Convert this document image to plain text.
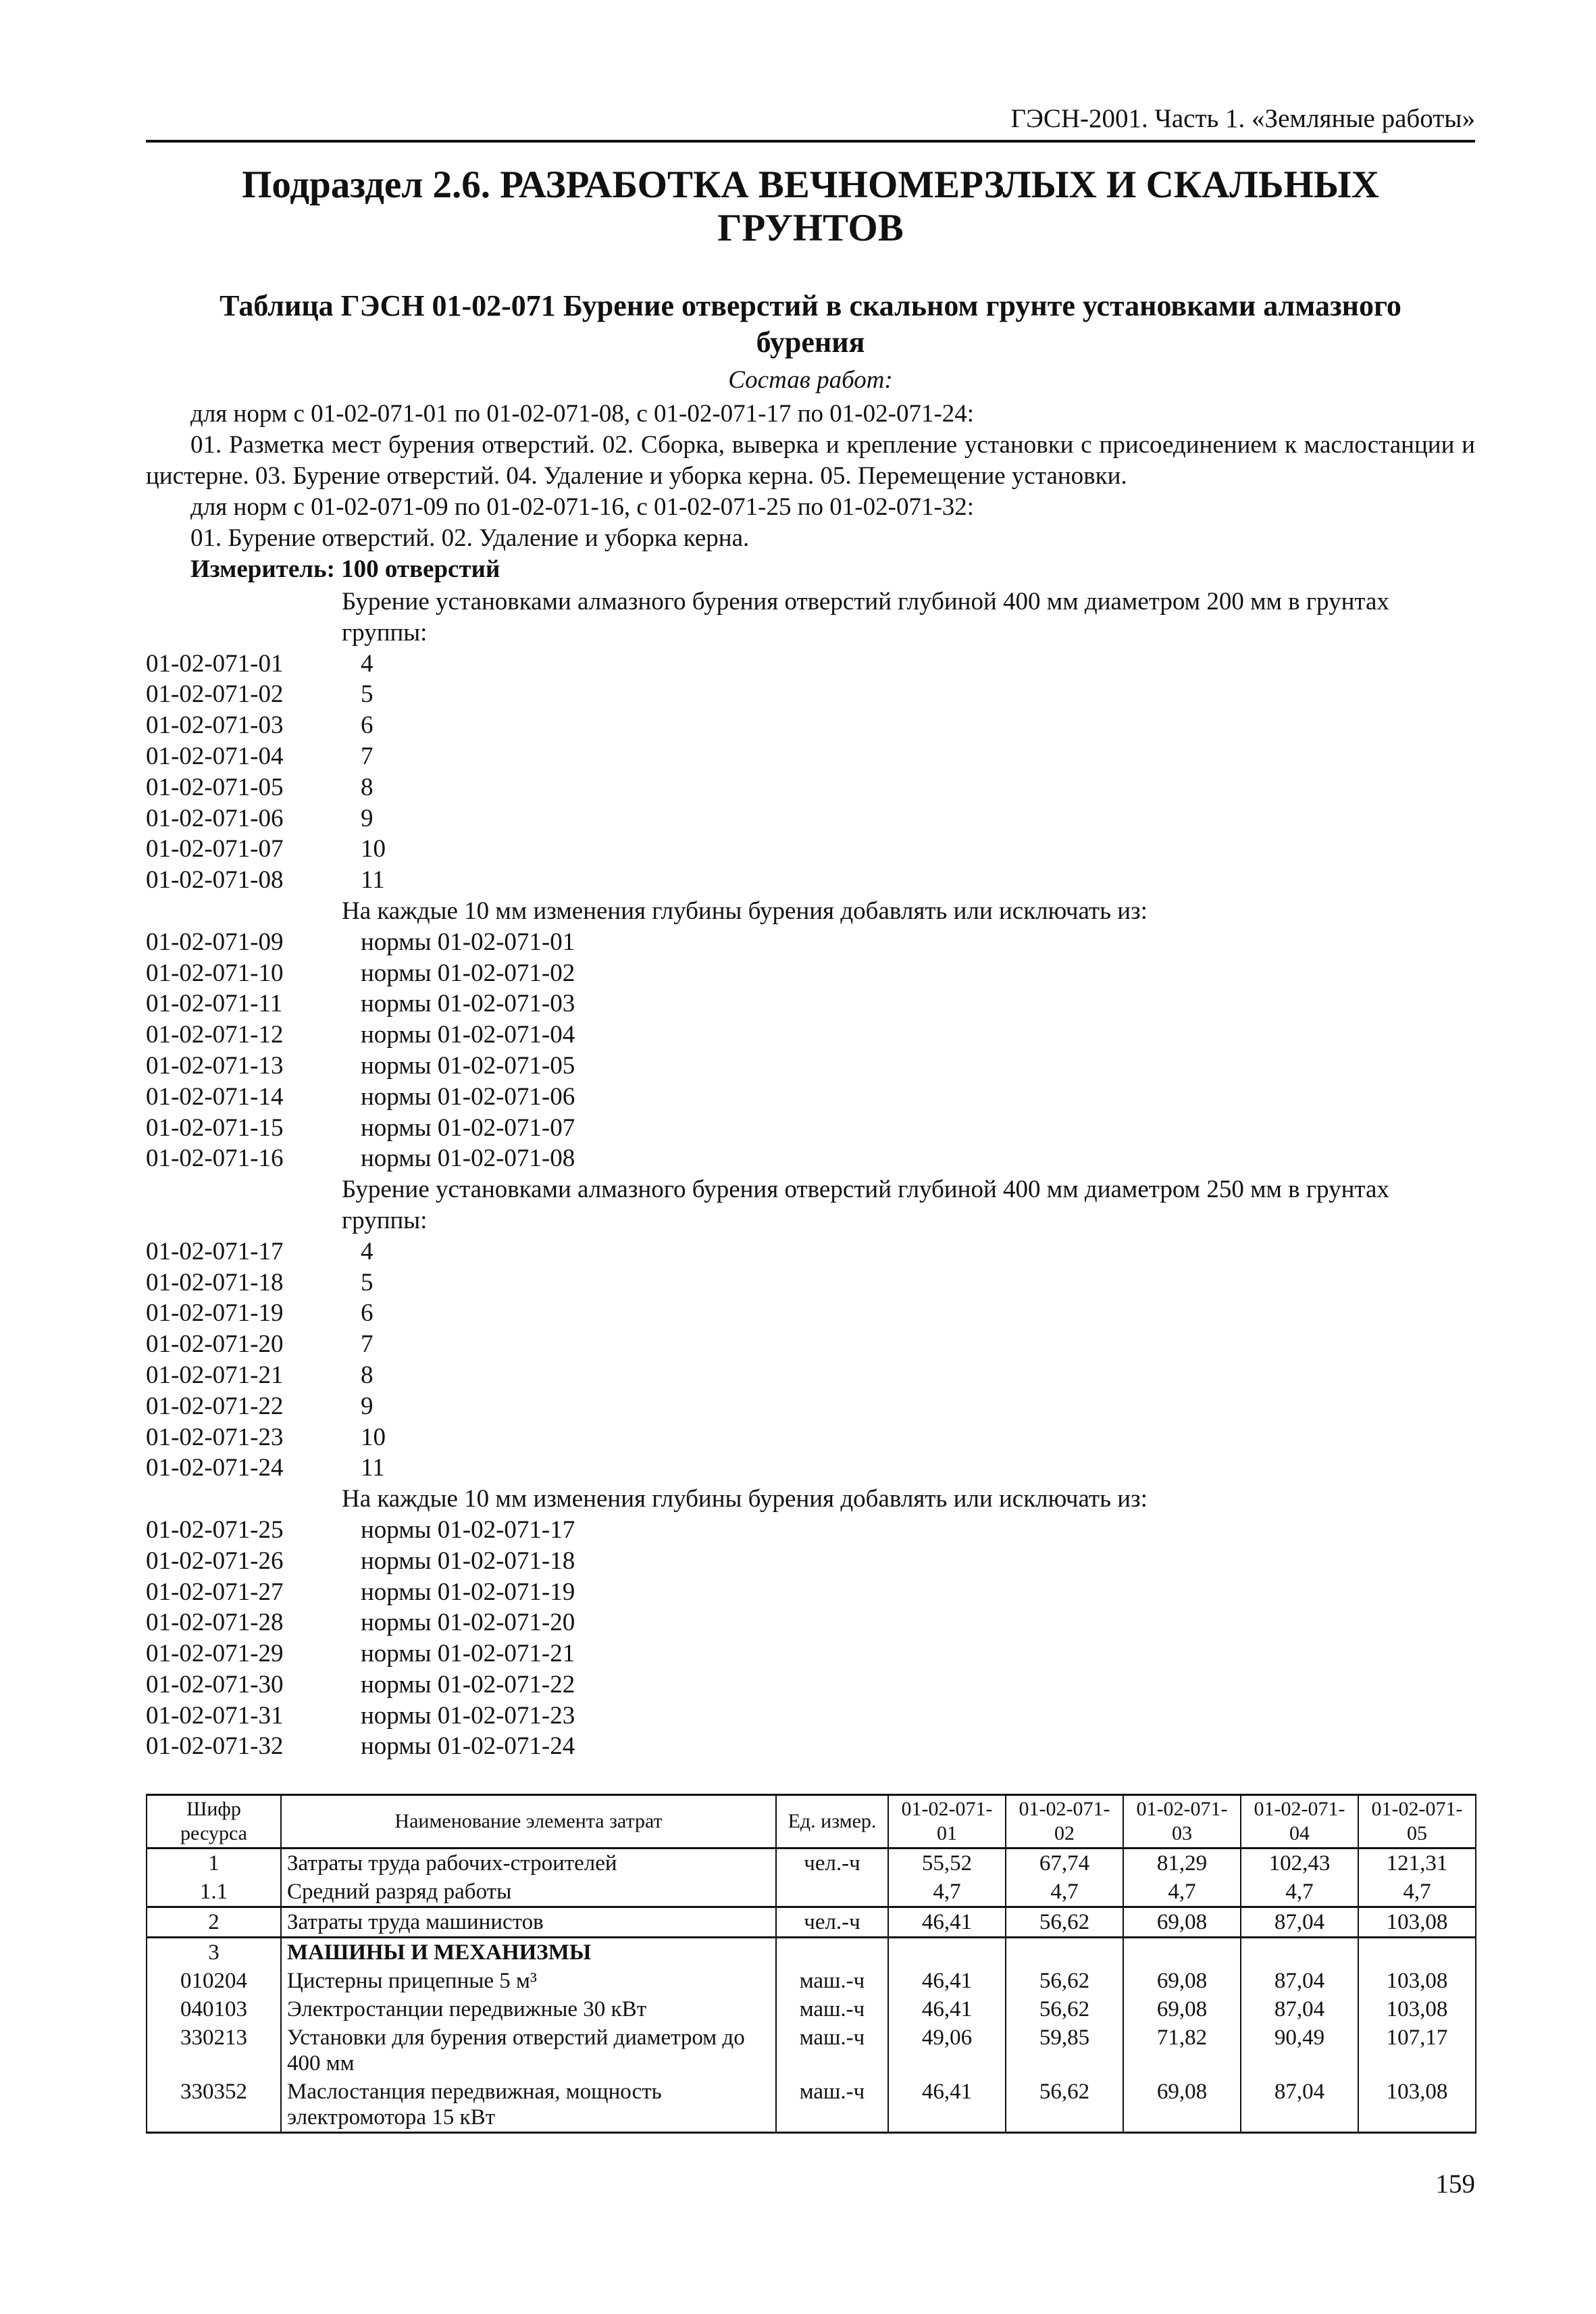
ГЭСН-2001. Часть 1. «Земляные работы»
Подраздел 2.6. РАЗРАБОТКА ВЕЧНОМЕРЗЛЫХ И СКАЛЬНЫХ
ГРУНТОВ
Таблица ГЭСН 01-02-071 Бурение отверстий в скальном грунте установками алмазного
бурения
Состав работ:

для норм с 01-02-071-01 по 01-02-071-08, с 01-02-071-17 по 01-02-071-24:

01. Разметка мест бурения отверстий. 02. Сборка, выверка и крепление установки с присоединением к маслостанции и цистерне. 03. Бурение отверстий. 04. Удаление и уборка керна. 05. Перемещение установки.

для норм с 01-02-071-09 по 01-02-071-16, с 01-02-071-25 по 01-02-071-32:

01. Бурение отверстий. 02. Удаление и уборка керна.

Измеритель: 100 отверстий

Бурение установками алмазного бурения отверстий глубиной 400 мм диаметром 200 мм в грунтах группы:
01-02-071-01	4
01-02-071-02	5
01-02-071-03	6
01-02-071-04	7
01-02-071-05	8
01-02-071-06	9
01-02-071-07	10
01-02-071-08	11
На каждые 10 мм изменения глубины бурения добавлять или исключать из:
01-02-071-09	нормы 01-02-071-01
01-02-071-10	нормы 01-02-071-02
01-02-071-11	нормы 01-02-071-03
01-02-071-12	нормы 01-02-071-04
01-02-071-13	нормы 01-02-071-05
01-02-071-14	нормы 01-02-071-06
01-02-071-15	нормы 01-02-071-07
01-02-071-16	нормы 01-02-071-08
Бурение установками алмазного бурения отверстий глубиной 400 мм диаметром 250 мм в грунтах группы:
01-02-071-17	4
01-02-071-18	5
01-02-071-19	6
01-02-071-20	7
01-02-071-21	8
01-02-071-22	9
01-02-071-23	10
01-02-071-24	11
На каждые 10 мм изменения глубины бурения добавлять или исключать из:
01-02-071-25	нормы 01-02-071-17
01-02-071-26	нормы 01-02-071-18
01-02-071-27	нормы 01-02-071-19
01-02-071-28	нормы 01-02-071-20
01-02-071-29	нормы 01-02-071-21
01-02-071-30	нормы 01-02-071-22
01-02-071-31	нормы 01-02-071-23
01-02-071-32	нормы 01-02-071-24
Шифр ресурса	Наименование элемента затрат	Ед. измер.	01-02-071-01	01-02-071-02	01-02-071-03	01-02-071-04	01-02-071-05
1	Затраты труда рабочих-строителей	чел.-ч	55,52	67,74	81,29	102,43	121,31
1.1	Средний разряд работы		4,7	4,7	4,7	4,7	4,7
2	Затраты труда машинистов	чел.-ч	46,41	56,62	69,08	87,04	103,08
3	МАШИНЫ И МЕХАНИЗМЫ						
010204	Цистерны прицепные 5 м³	маш.-ч	46,41	56,62	69,08	87,04	103,08
040103	Электростанции передвижные 30 кВт	маш.-ч	46,41	56,62	69,08	87,04	103,08
330213	Установки для бурения отверстий диаметром до 400 мм	маш.-ч	49,06	59,85	71,82	90,49	107,17
330352	Маслостанция передвижная, мощность электромотора 15 кВт	маш.-ч	46,41	56,62	69,08	87,04	103,08
159
